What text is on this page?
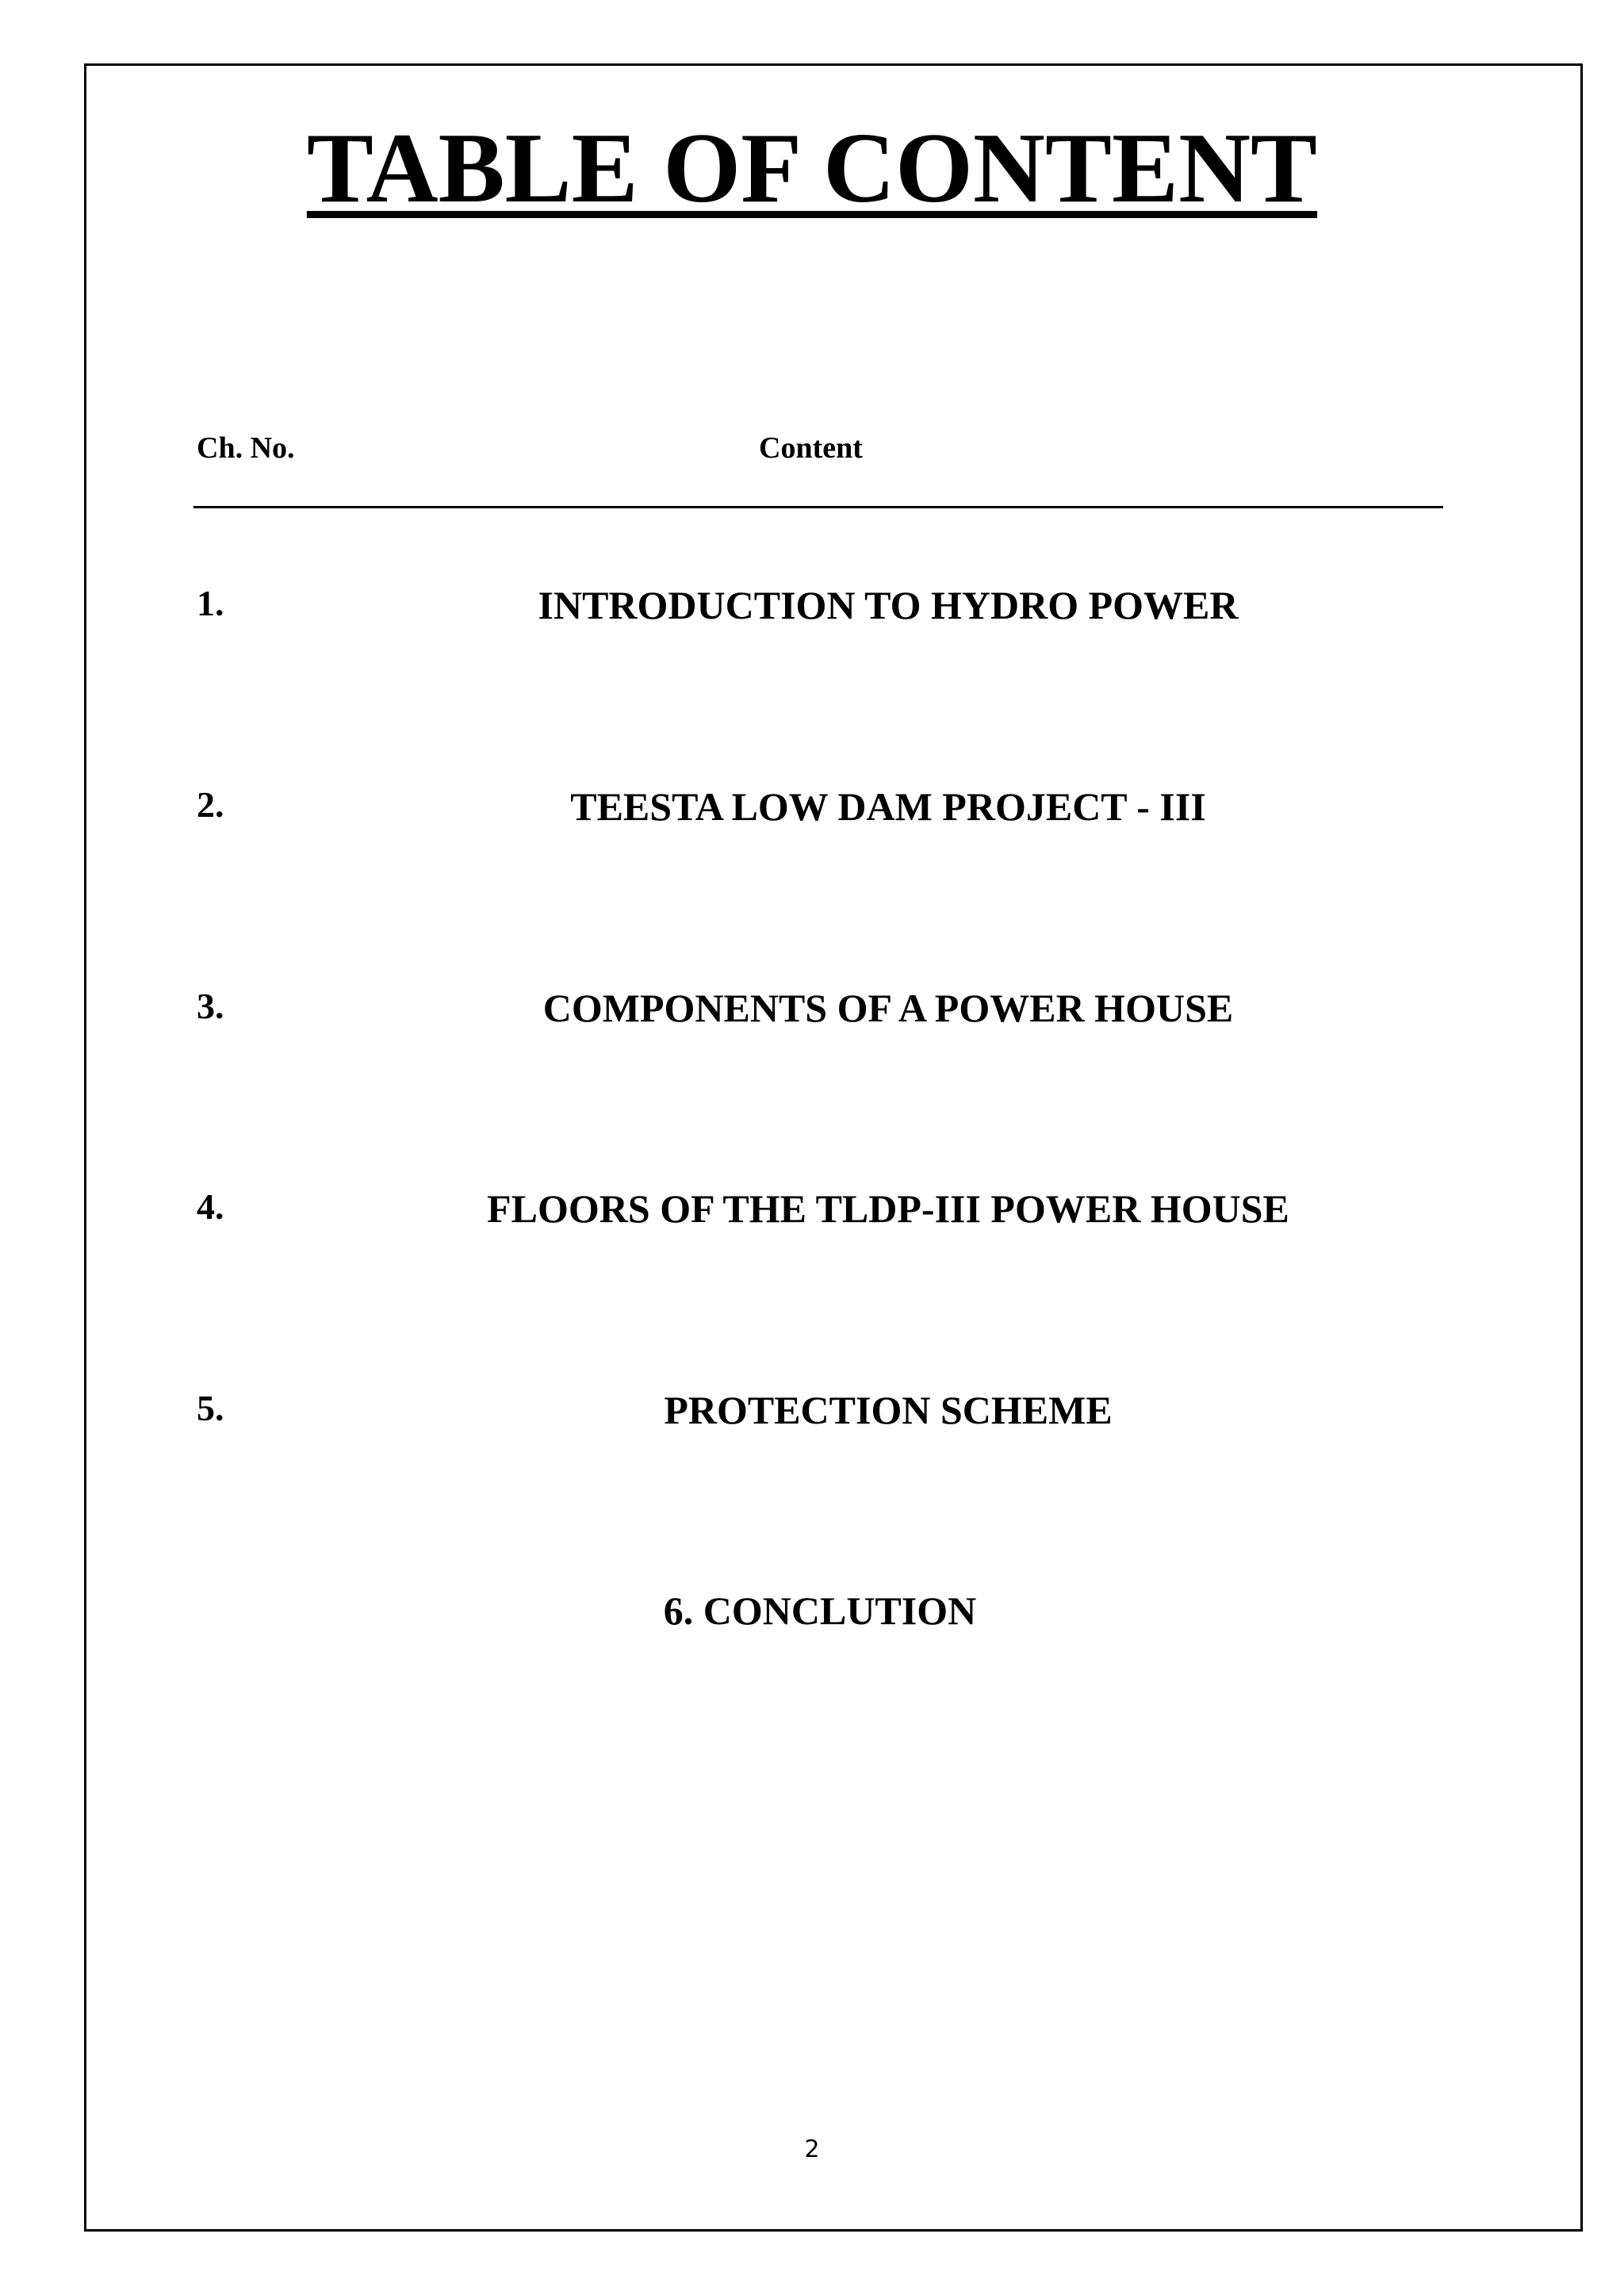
TABLE OF CONTENT
Ch. No.	Content
1.	INTRODUCTION TO HYDRO POWER
2.	TEESTA LOW DAM PROJECT - III
3.	COMPONENTS OF A POWER HOUSE
4.	FLOORS OF THE TLDP-III POWER HOUSE
5.	PROTECTION SCHEME
6. CONCLUTION
2
